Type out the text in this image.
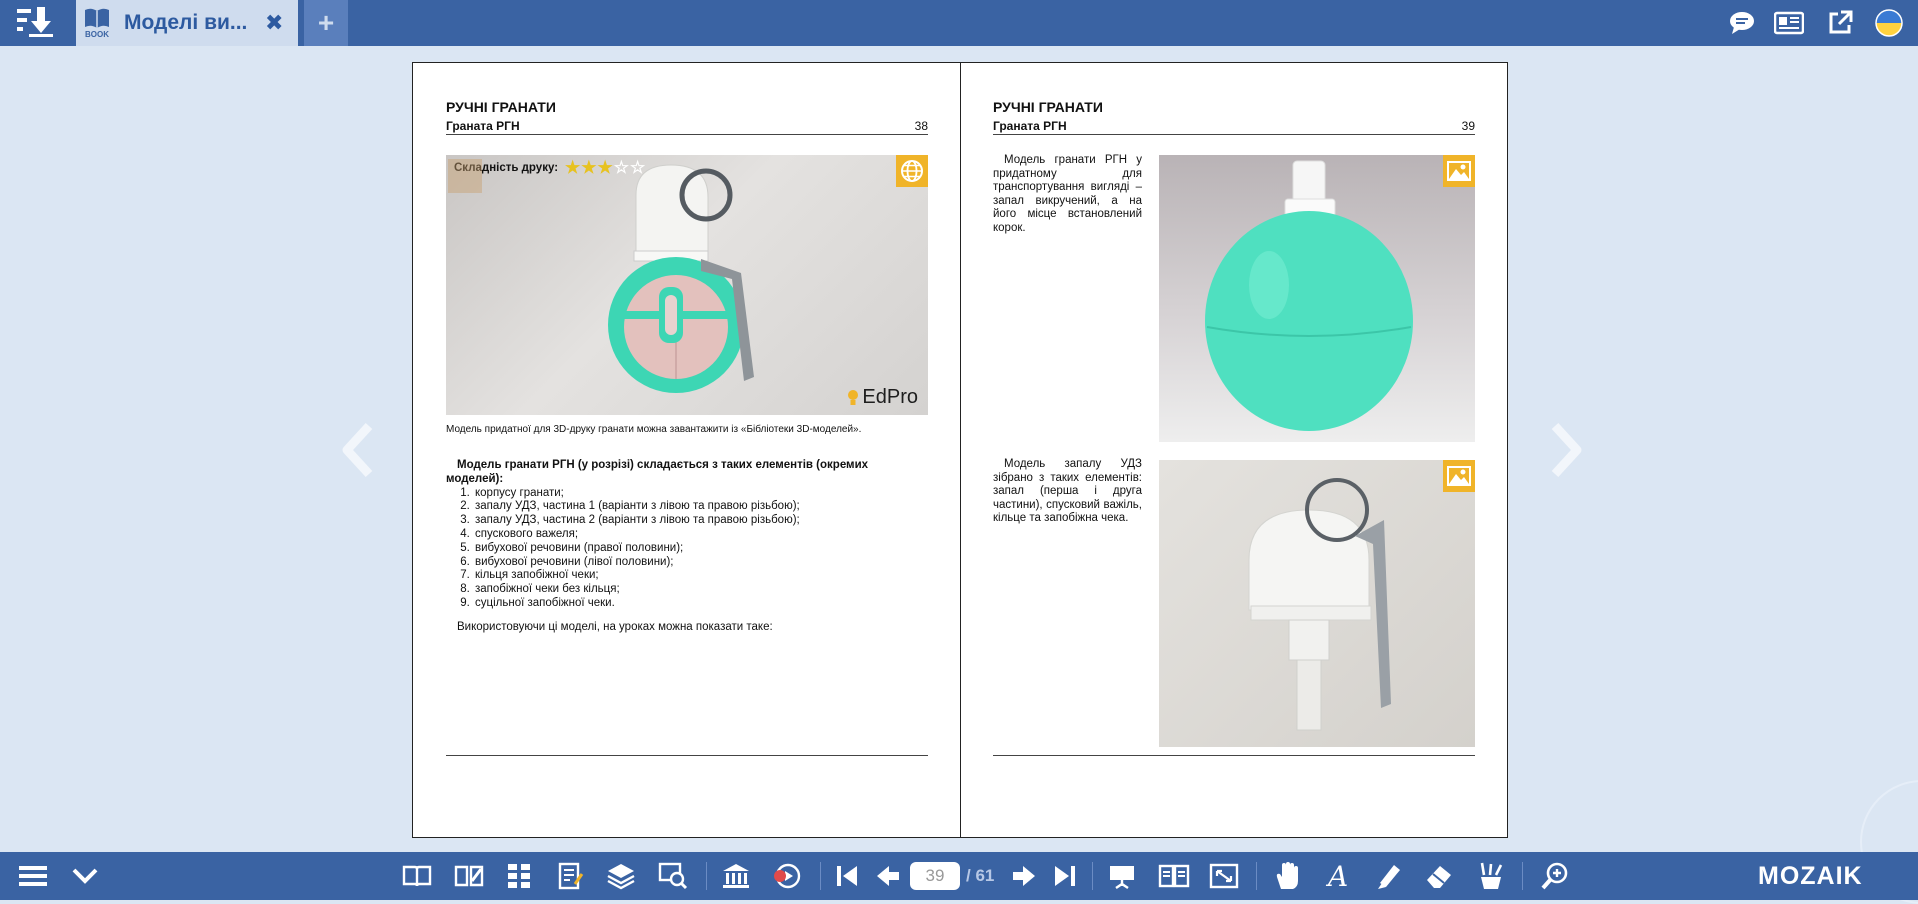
BOOK
Моделі ви... ✖	+
РУЧНІ ГРАНАТИ
Граната РГН	38
Складність друку: ★ ★ ★ ☆ ☆
EdPro
Модель придатної для 3D-друку гранати можна завантажити із «Бібліотеки 3D-моделей».

Модель гранати РГН (у розрізі) складається з таких елементів (окремих моделей):

1. корпусу гранати;
2. запалу УДЗ, частина 1 (варіанти з лівою та правою різьбою);
3. запалу УДЗ, частина 2 (варіанти з лівою та правою різьбою);
4. спускового важеля;
5. вибухової речовини (правої половини);
6. вибухової речовини (лівої половини);
7. кільця запобіжної чеки;
8. запобіжної чеки без кільця;
9. суцільної запобіжної чеки.

Використовуючи ці моделі, на уроках можна показати таке:

РУЧНІ ГРАНАТИ
Граната РГН	39
Модель гранати РГН у придатному для транспортування вигляді – запал викручений, а на його місце встановлений корок.
Модель запалу УДЗ зібрано з таких елементів: запал (перша і друга частини), спусковий важіль, кільце та запобіжна чека.
39	/ 61	A	MOZAIK
